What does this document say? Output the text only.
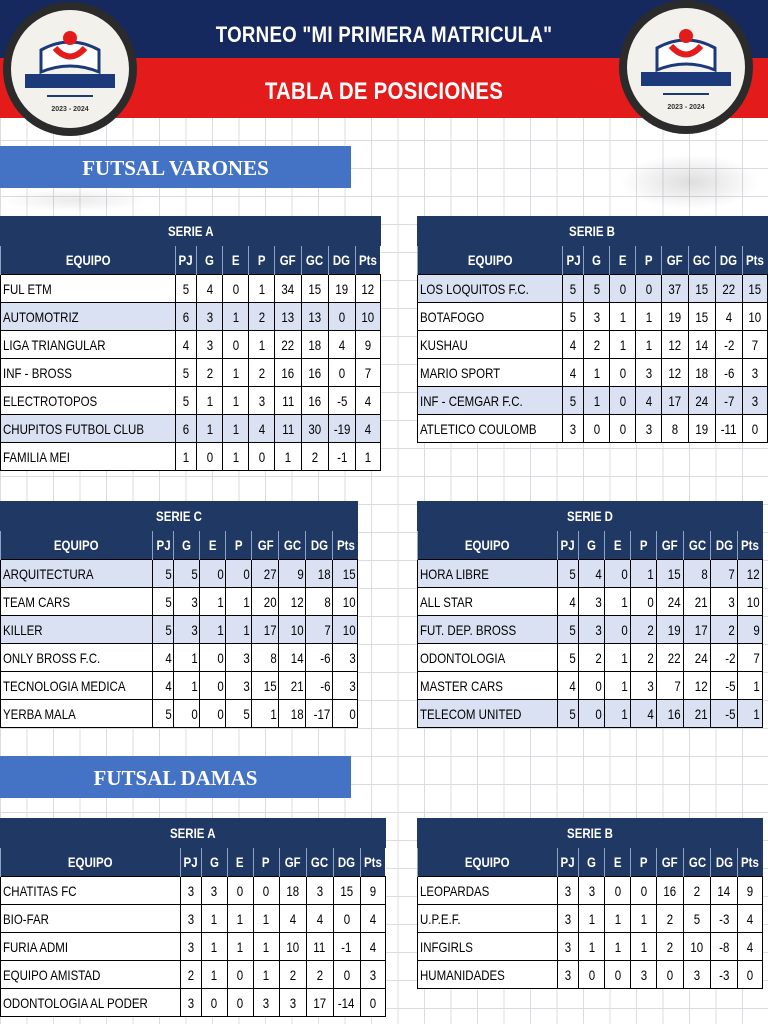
TORNEO "MI PRIMERA MATRICULA"
TABLA DE POSICIONES
2023 - 2024	2023 - 2024
FUTSAL VARONES
FUTSAL DAMAS
SERIE A								
EQUIPO	PJ	G	E	P	GF	GC	DG	Pts
FUL ETM	5	4	0	1	34	15	19	12
AUTOMOTRIZ	6	3	1	2	13	13	0	10
LIGA TRIANGULAR	4	3	0	1	22	18	4	9
INF - BROSS	5	2	1	2	16	16	0	7
ELECTROTOPOS	5	1	1	3	11	16	-5	4
CHUPITOS FUTBOL CLUB	6	1	1	4	11	30	-19	4
FAMILIA MEI	1	0	1	0	1	2	-1	1
SERIE B								
EQUIPO	PJ	G	E	P	GF	GC	DG	Pts
LOS LOQUITOS F.C.	5	5	0	0	37	15	22	15
BOTAFOGO	5	3	1	1	19	15	4	10
KUSHAU	4	2	1	1	12	14	-2	7
MARIO SPORT	4	1	0	3	12	18	-6	3
INF - CEMGAR F.C.	5	1	0	4	17	24	-7	3
ATLETICO COULOMB	3	0	0	3	8	19	-11	0
SERIE C								
EQUIPO	PJ	G	E	P	GF	GC	DG	Pts
ARQUITECTURA	5	5	0	0	27	9	18	15
TEAM CARS	5	3	1	1	20	12	8	10
KILLER	5	3	1	1	17	10	7	10
ONLY BROSS F.C.	4	1	0	3	8	14	-6	3
TECNOLOGIA MEDICA	4	1	0	3	15	21	-6	3
YERBA MALA	5	0	0	5	1	18	-17	0
SERIE D								
EQUIPO	PJ	G	E	P	GF	GC	DG	Pts
HORA LIBRE	5	4	0	1	15	8	7	12
ALL STAR	4	3	1	0	24	21	3	10
FUT. DEP. BROSS	5	3	0	2	19	17	2	9
ODONTOLOGIA	5	2	1	2	22	24	-2	7
MASTER CARS	4	0	1	3	7	12	-5	1
TELECOM UNITED	5	0	1	4	16	21	-5	1
SERIE A								
EQUIPO	PJ	G	E	P	GF	GC	DG	Pts
CHATITAS FC	3	3	0	0	18	3	15	9
BIO-FAR	3	1	1	1	4	4	0	4
FURIA ADMI	3	1	1	1	10	11	-1	4
EQUIPO AMISTAD	2	1	0	1	2	2	0	3
ODONTOLOGIA AL PODER	3	0	0	3	3	17	-14	0
SERIE B								
EQUIPO	PJ	G	E	P	GF	GC	DG	Pts
LEOPARDAS	3	3	0	0	16	2	14	9
U.P.E.F.	3	1	1	1	2	5	-3	4
INFGIRLS	3	1	1	1	2	10	-8	4
HUMANIDADES	3	0	0	3	0	3	-3	0
